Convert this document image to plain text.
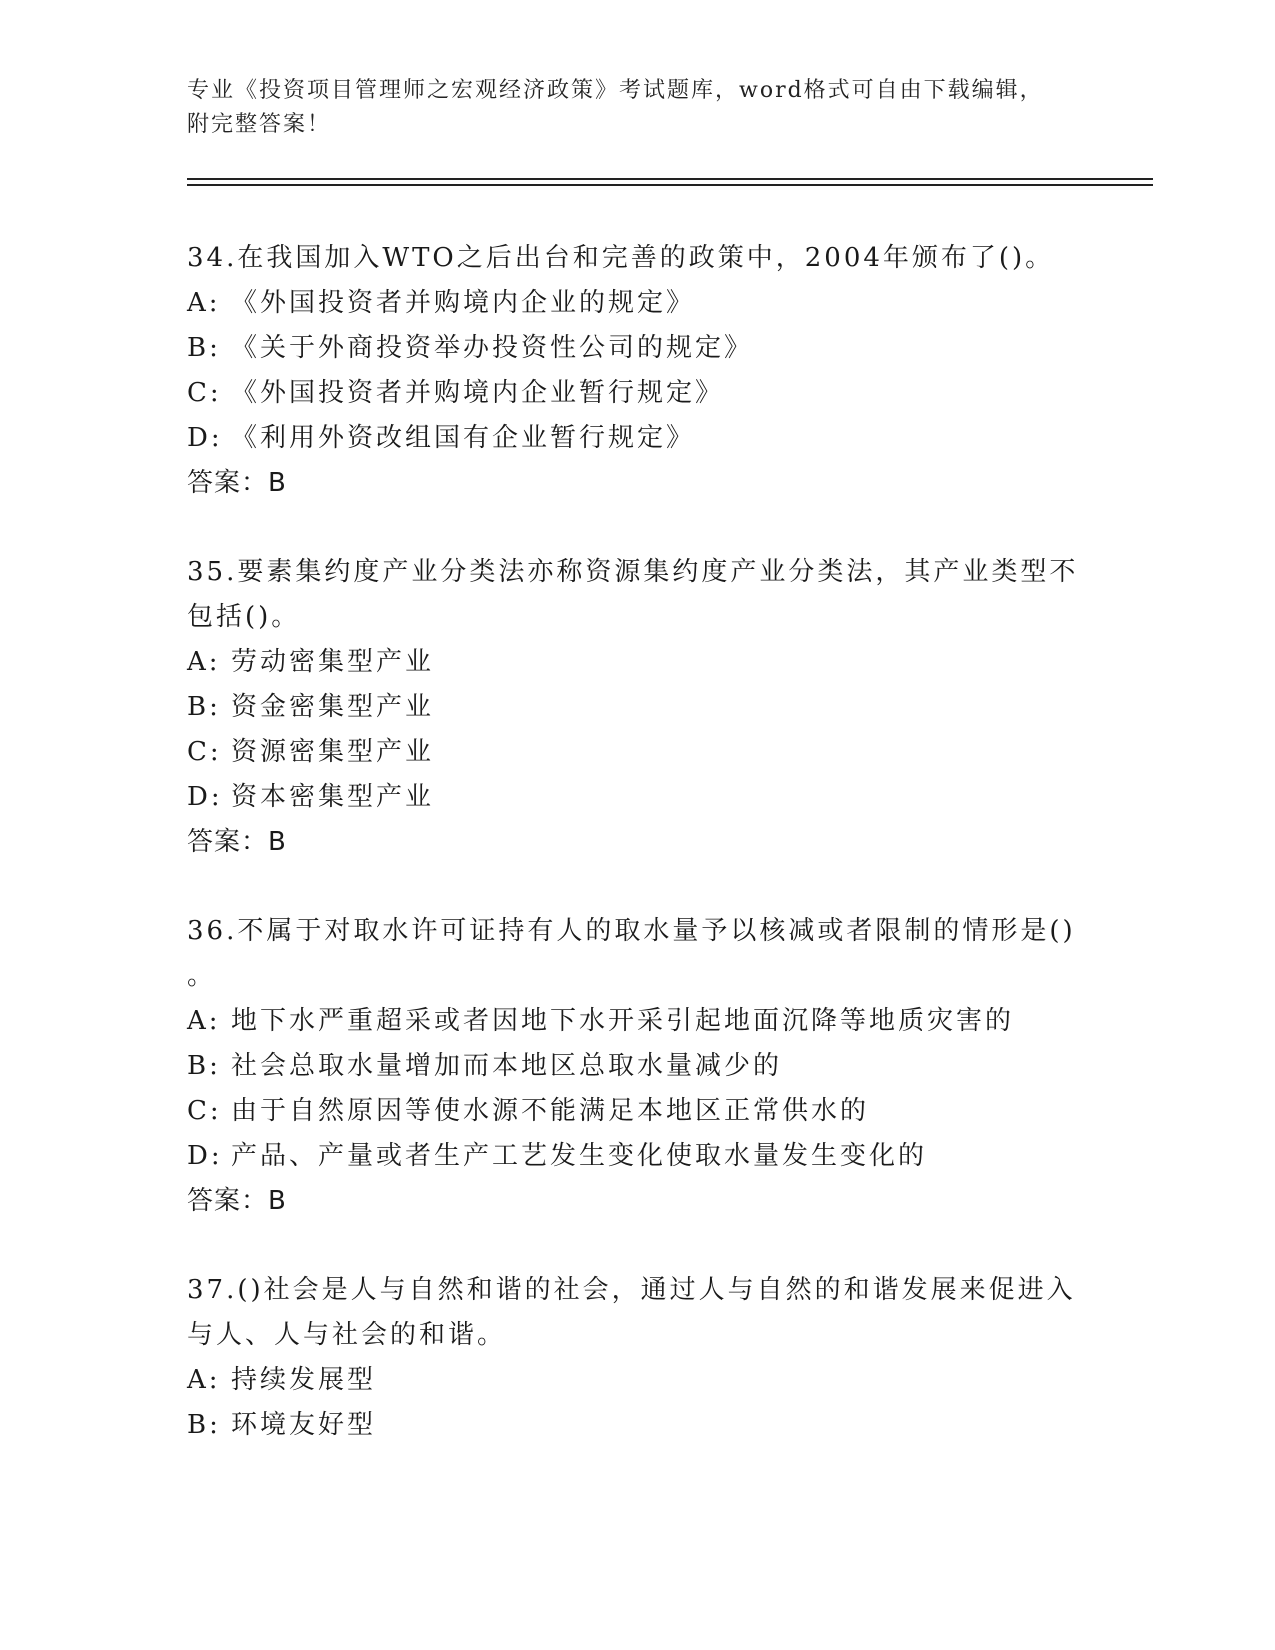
专业《投资项目管理师之宏观经济政策》考试题库，word格式可自由下载编辑，
附完整答案！

34.在我国加入WTO之后出台和完善的政策中，2004年颁布了()。

A: 《外国投资者并购境内企业的规定》

B: 《关于外商投资举办投资性公司的规定》

C: 《外国投资者并购境内企业暂行规定》

D: 《利用外资改组国有企业暂行规定》

答案：B

35.要素集约度产业分类法亦称资源集约度产业分类法，其产业类型不

包括()。

A: 劳动密集型产业

B: 资金密集型产业

C: 资源密集型产业

D: 资本密集型产业

答案：B

36.不属于对取水许可证持有人的取水量予以核减或者限制的情形是()

。

A: 地下水严重超采或者因地下水开采引起地面沉降等地质灾害的

B: 社会总取水量增加而本地区总取水量减少的

C: 由于自然原因等使水源不能满足本地区正常供水的

D: 产品、产量或者生产工艺发生变化使取水量发生变化的

答案：B

37.()社会是人与自然和谐的社会，通过人与自然的和谐发展来促进入

与人、人与社会的和谐。

A: 持续发展型

B: 环境友好型
